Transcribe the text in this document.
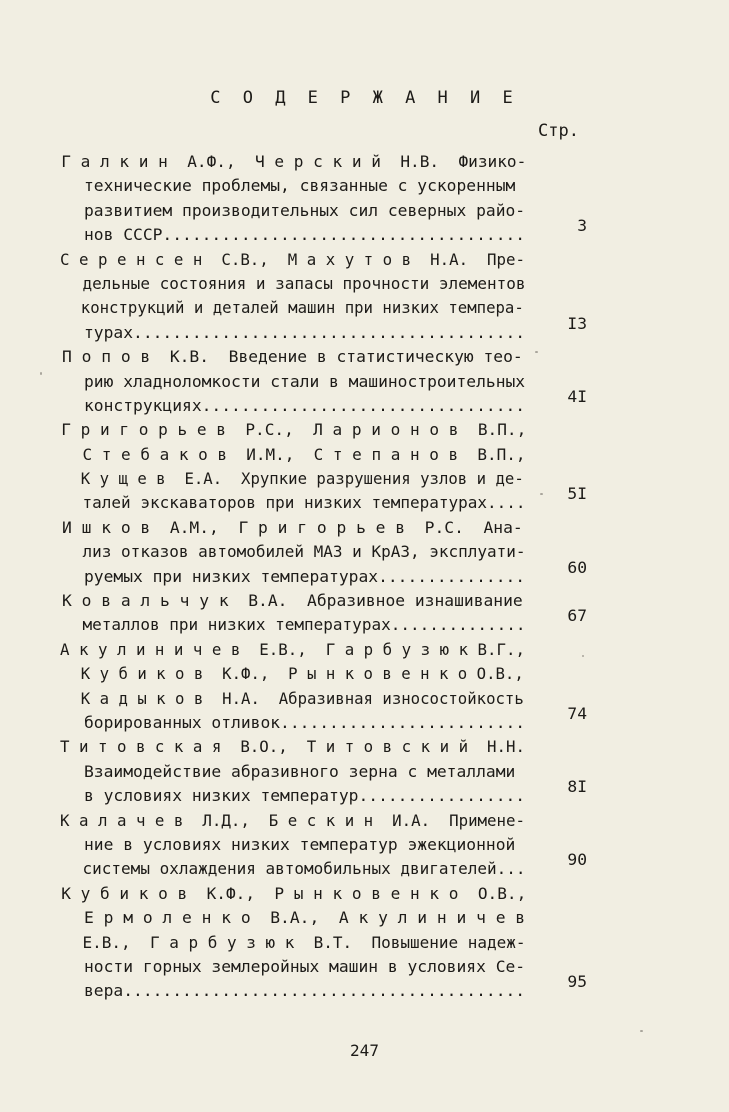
С О Д Е Р Ж А Н И Е
Стр.
Г а л к и н  А.Ф.,  Ч е р с к и й  Н.В.  Физико-
техничеcкие проблемы, связанные с ускоренным
развитием производительных сил северных райо-
нов СССР.....................................	3
С е р е н с е н  С.В.,  М а х у т о в  Н.А.  Пре-
дельные состояния и запасы прочности элементов
конструкций и деталей машин при низких темпера-
турах........................................	I3
П о п о в  К.В.  Введение в статистическую тео-
рию хладноломкости стали в машиностроительных
конструкциях.................................	4I
Г р и г о р ь е в  Р.С.,  Л а р и о н о в  В.П.,
С т е б а к о в  И.М.,  С т е п а н о в  В.П.,
К у щ е в  Е.А.  Хрупкие разрушения узлов и де-
талей экскаваторов при низких температурах....	5I
И ш к о в  А.М.,  Г р и г о р ь е в  Р.С.  Ана-
лиз отказов автомобилей МАЗ и КрАЗ, эксплуати-
руемых при низких температурах...............	60
К о в а л ь ч у к  В.А.  Абразивное изнашивание
металлов при низких температурах..............	67
А к у л и н и ч е в  Е.В.,  Г а р б у з ю к В.Г.,
К у б и к о в  К.Ф.,  Р ы н к о в е н к о О.В.,
К а д ы к о в  Н.А.  Абразивная износостойкость
борированных отливок.........................	74
Т и т о в с к а я  В.О.,  Т и т о в с к и й  Н.Н.
Взаимодействие абразивного зерна с металлами
в условиях низких температур.................	8I
К а л а ч е в  Л.Д.,  Б е с к и н  И.А.  Примене-
ние в условиях низких температур эжекционной
системы охлаждения автомобильных двигателей...	90
К у б и к о в  К.Ф.,  Р ы н к о в е н к о  О.В.,
Е р м о л е н к о  В.А.,  А к у л и н и ч е в
Е.В.,  Г а р б у з ю к  В.Т.  Повышение надеж-
ности горных землеройных машин в условиях Се-
вера.........................................	95
247
